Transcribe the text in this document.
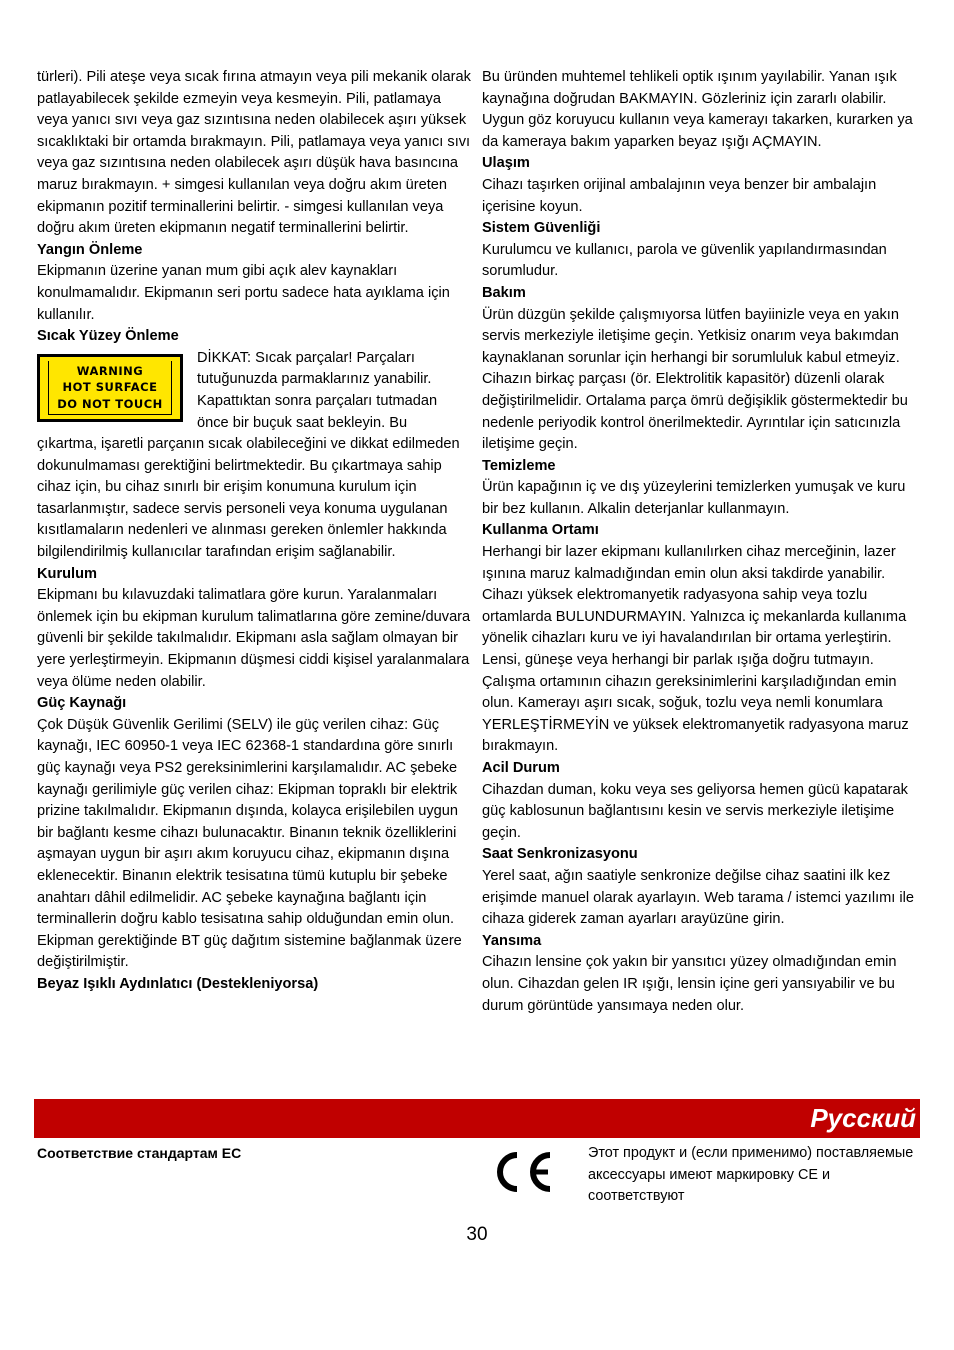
türleri). Pili ateşe veya sıcak fırına atmayın veya pili mekanik olarak patlayabilecek şekilde ezmeyin veya kesmeyin. Pili, patlamaya veya yanıcı sıvı veya gaz sızıntısına neden olabilecek aşırı yüksek sıcaklıktaki bir ortamda bırakmayın. Pili, patlamaya veya yanıcı sıvı veya gaz sızıntısına neden olabilecek aşırı düşük hava basıncına maruz bırakmayın. + simgesi kullanılan veya doğru akım üreten ekipmanın pozitif terminallerini belirtir. - simgesi kullanılan veya doğru akım üreten ekipmanın negatif terminallerini belirtir.

Yangın Önleme

Ekipmanın üzerine yanan mum gibi açık alev kaynakları konulmamalıdır. Ekipmanın seri portu sadece hata ayıklama için kullanılır.

Sıcak Yüzey Önleme
WARNING
HOT SURFACE
DO NOT TOUCH

DİKKAT: Sıcak parçalar! Parçaları tutuğunuzda parmaklarınız yanabilir. Kapattıktan sonra parçaları tutmadan önce bir buçuk saat bekleyin. Bu çıkartma, işaretli parçanın sıcak olabileceğini ve dikkat edilmeden dokunulmaması gerektiğini belirtmektedir. Bu çıkartmaya sahip cihaz için, bu cihaz sınırlı bir erişim konumuna kurulum için tasarlanmıştır, sadece servis personeli veya konuma uygulanan kısıtlamaların nedenleri ve alınması gereken önlemler hakkında bilgilendirilmiş kullanıcılar tarafından erişim sağlanabilir.

Kurulum

Ekipmanı bu kılavuzdaki talimatlara göre kurun. Yaralanmaları önlemek için bu ekipman kurulum talimatlarına göre zemine/duvara güvenli bir şekilde takılmalıdır. Ekipmanı asla sağlam olmayan bir yere yerleştirmeyin. Ekipmanın düşmesi ciddi kişisel yaralanmalara veya ölüme neden olabilir.

Güç Kaynağı

Çok Düşük Güvenlik Gerilimi (SELV) ile güç verilen cihaz: Güç kaynağı, IEC 60950-1 veya IEC 62368-1 standardına göre sınırlı güç kaynağı veya PS2 gereksinimlerini karşılamalıdır. AC şebeke kaynağı gerilimiyle güç verilen cihaz: Ekipman topraklı bir elektrik prizine takılmalıdır. Ekipmanın dışında, kolayca erişilebilen uygun bir bağlantı kesme cihazı bulunacaktır. Binanın teknik özelliklerini aşmayan uygun bir aşırı akım koruyucu cihaz, ekipmanın dışına eklenecektir. Binanın elektrik tesisatına tümü kutuplu bir şebeke anahtarı dâhil edilmelidir. AC şebeke kaynağına bağlantı için terminallerin doğru kablo tesisatına sahip olduğundan emin olun. Ekipman gerektiğinde BT güç dağıtım sistemine bağlanmak üzere değiştirilmiştir.

Beyaz Işıklı Aydınlatıcı (Destekleniyorsa)

Bu üründen muhtemel tehlikeli optik ışınım yayılabilir. Yanan ışık kaynağına doğrudan BAKMAYIN. Gözleriniz için zararlı olabilir. Uygun göz koruyucu kullanın veya kamerayı takarken, kurarken ya da kameraya bakım yaparken beyaz ışığı AÇMAYIN.

Ulaşım

Cihazı taşırken orijinal ambalajının veya benzer bir ambalajın içerisine koyun.

Sistem Güvenliği

Kurulumcu ve kullanıcı, parola ve güvenlik yapılandırmasından sorumludur.

Bakım

Ürün düzgün şekilde çalışmıyorsa lütfen bayiinizle veya en yakın servis merkeziyle iletişime geçin. Yetkisiz onarım veya bakımdan kaynaklanan sorunlar için herhangi bir sorumluluk kabul etmeyiz. Cihazın birkaç parçası (ör. Elektrolitik kapasitör) düzenli olarak değiştirilmelidir. Ortalama parça ömrü değişiklik göstermektedir bu nedenle periyodik kontrol önerilmektedir. Ayrıntılar için satıcınızla iletişime geçin.

Temizleme

Ürün kapağının iç ve dış yüzeylerini temizlerken yumuşak ve kuru bir bez kullanın. Alkalin deterjanlar kullanmayın.

Kullanma Ortamı

Herhangi bir lazer ekipmanı kullanılırken cihaz merceğinin, lazer ışınına maruz kalmadığından emin olun aksi takdirde yanabilir. Cihazı yüksek elektromanyetik radyasyona sahip veya tozlu ortamlarda BULUNDURMAYIN. Yalnızca iç mekanlarda kullanıma yönelik cihazları kuru ve iyi havalandırılan bir ortama yerleştirin. Lensi, güneşe veya herhangi bir parlak ışığa doğru tutmayın. Çalışma ortamının cihazın gereksinimlerini karşıladığından emin olun. Kamerayı aşırı sıcak, soğuk, tozlu veya nemli konumlara YERLEŞTİRMEYİN ve yüksek elektromanyetik radyasyona maruz bırakmayın.

Acil Durum

Cihazdan duman, koku veya ses geliyorsa hemen gücü kapatarak güç kablosunun bağlantısını kesin ve servis merkeziyle iletişime geçin.

Saat Senkronizasyonu

Yerel saat, ağın saatiyle senkronize değilse cihaz saatini ilk kez erişimde manuel olarak ayarlayın. Web tarama / istemci yazılımı ile cihaza giderek zaman ayarları arayüzüne girin.

Yansıma

Cihazın lensine çok yakın bir yansıtıcı yüzey olmadığından emin olun. Cihazdan gelen IR ışığı, lensin içine geri yansıyabilir ve bu durum görüntüde yansımaya neden olur.

Русский
Соответствие стандартам ЕС	Этот продукт и (если применимо) поставляемые аксессуары имеют маркировку CE и соответствуют
30
